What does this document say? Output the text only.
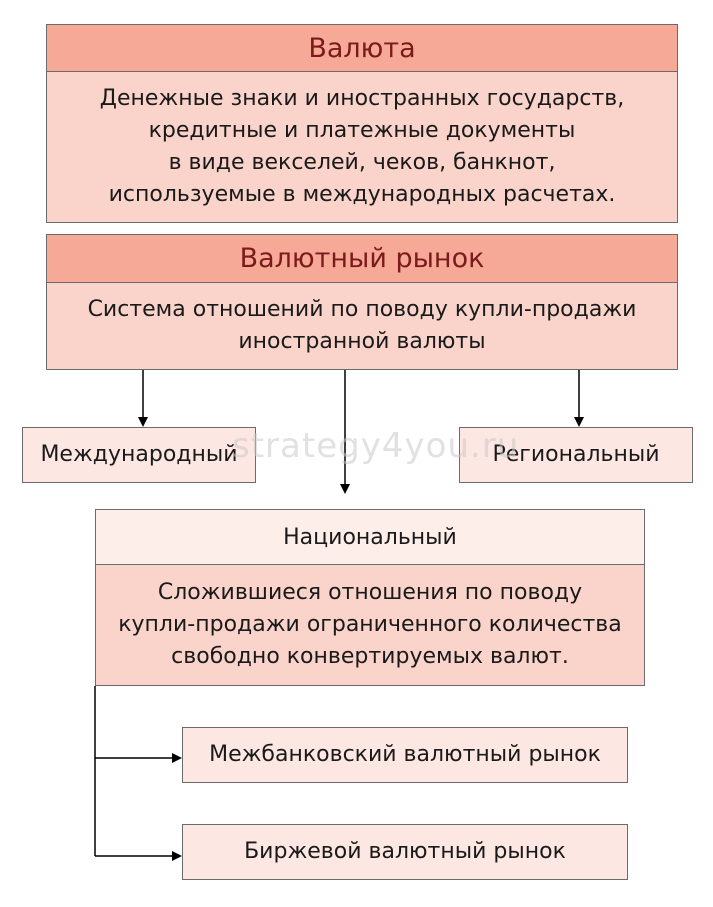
Валюта
Денежные знаки и иностранных государств,
кредитные и платежные документы
в виде векселей, чеков, банкнот,
используемые в международных расчетах.
Валютный рынок
Система отношений по поводу купли-продажи
иностранной валюты
Международный	Региональный
Национальный
Сложившиеся отношения по поводу
купли-продажи ограниченного количества
свободно конвертируемых валют.
Межбанковский валютный рынок
Биржевой валютный рынок
strategy4you.ru
